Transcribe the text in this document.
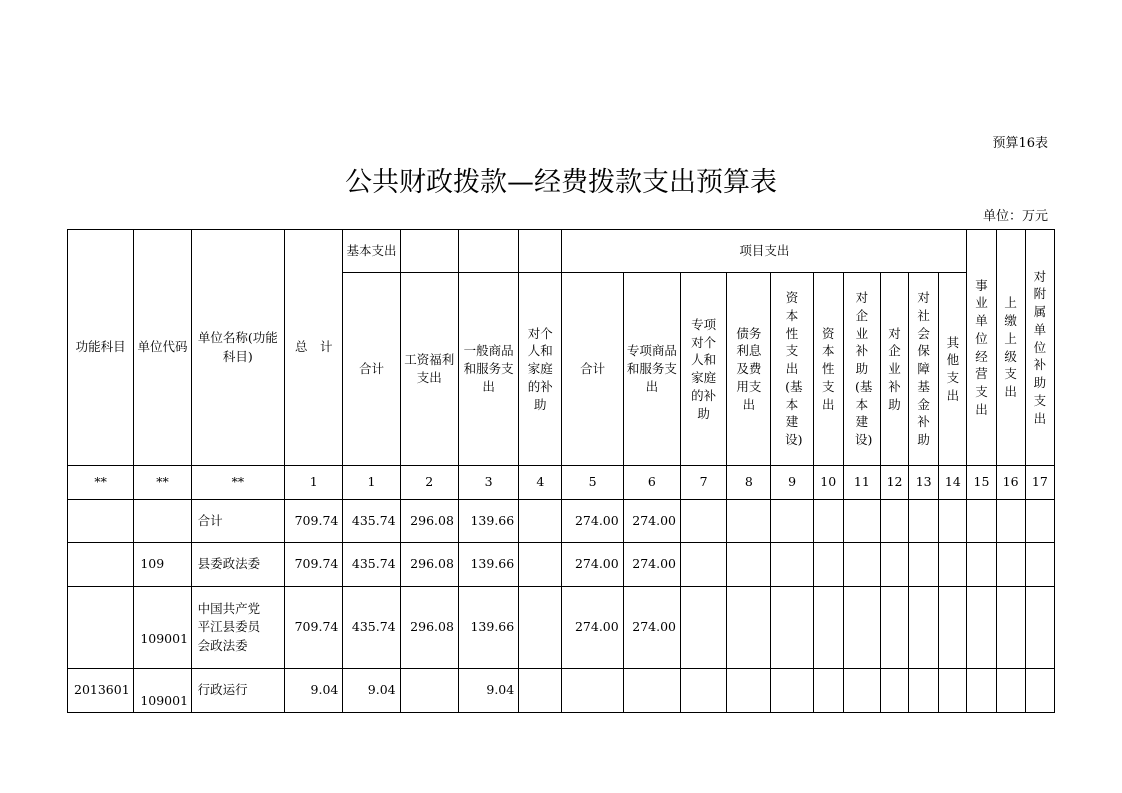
预算16表
公共财政拨款—经费拨款支出预算表
单位：万元
功能科目	单位代码	单位名称(功能科目)	总　计	基本支出				项目支出										事业单位经营支出	上缴上级支出	对附属单位补助支出

				合计	工资福利支出	一般商品和服务支出	对个人和家庭的补助	合计	专项商品和服务支出	专项对个人和家庭的补助	债务利息及费用支出	资本性支出(基本建设)	资本性支出	对企业补助(基本建设)	对企业补助	对社会保障基金补助	其他支出			

**	**	**	1	1	2	3	4	5	6	7	8	9	10	11	12	13	14	15	16	17
		合计	709.74	435.74	296.08	139.66		274.00	274.00											
	109	县委政法委	709.74	435.74	296.08	139.66		274.00	274.00											
	109001	中国共产党平江县委员会政法委	709.74	435.74	296.08	139.66		274.00	274.00											
2013601	109001	行政运行	9.04	9.04		9.04														
